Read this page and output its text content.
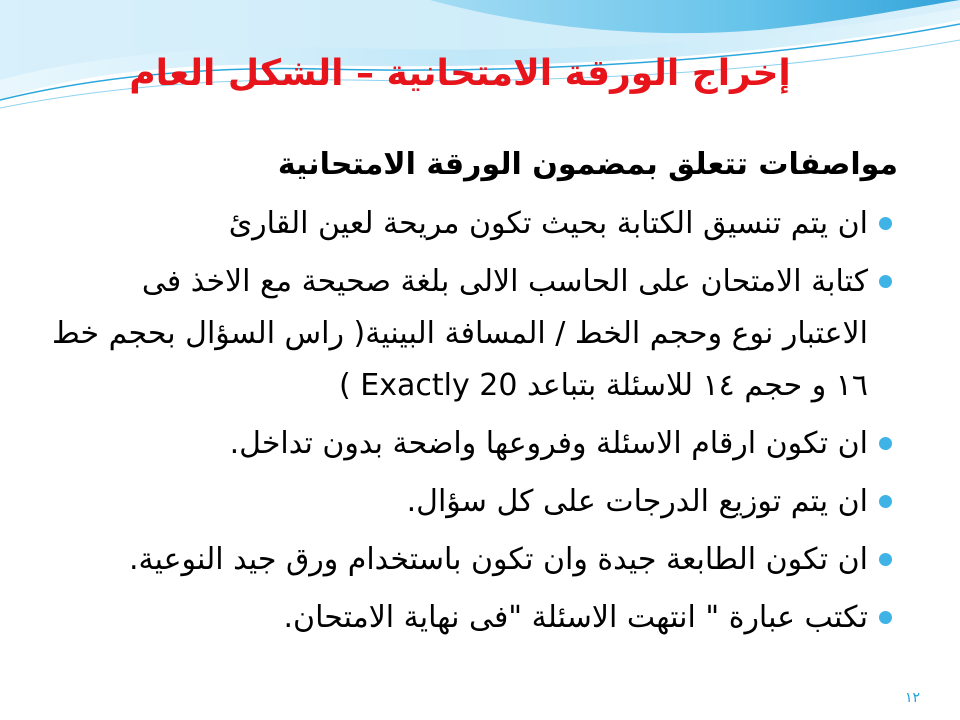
إخراج الورقة الامتحانية – الشكل العام
مواصفات تتعلق بمضمون الورقة الامتحانية
ان يتم تنسيق الكتابة بحيث تكون مريحة لعين القارئ
كتابة الامتحان على الحاسب الالى بلغة صحيحة مع الاخذ فى الاعتبار نوع وحجم الخط / المسافة البينية( راس السؤال بحجم خط ١٦ و حجم ١٤ للاسئلة بتباعد Exactly 20 )
ان تكون ارقام الاسئلة وفروعها واضحة بدون تداخل.
ان يتم توزيع الدرجات على كل سؤال.
ان تكون الطابعة جيدة وان تكون باستخدام ورق جيد النوعية.
تكتب عبارة " انتهت الاسئلة "فى نهاية الامتحان.
١٢
